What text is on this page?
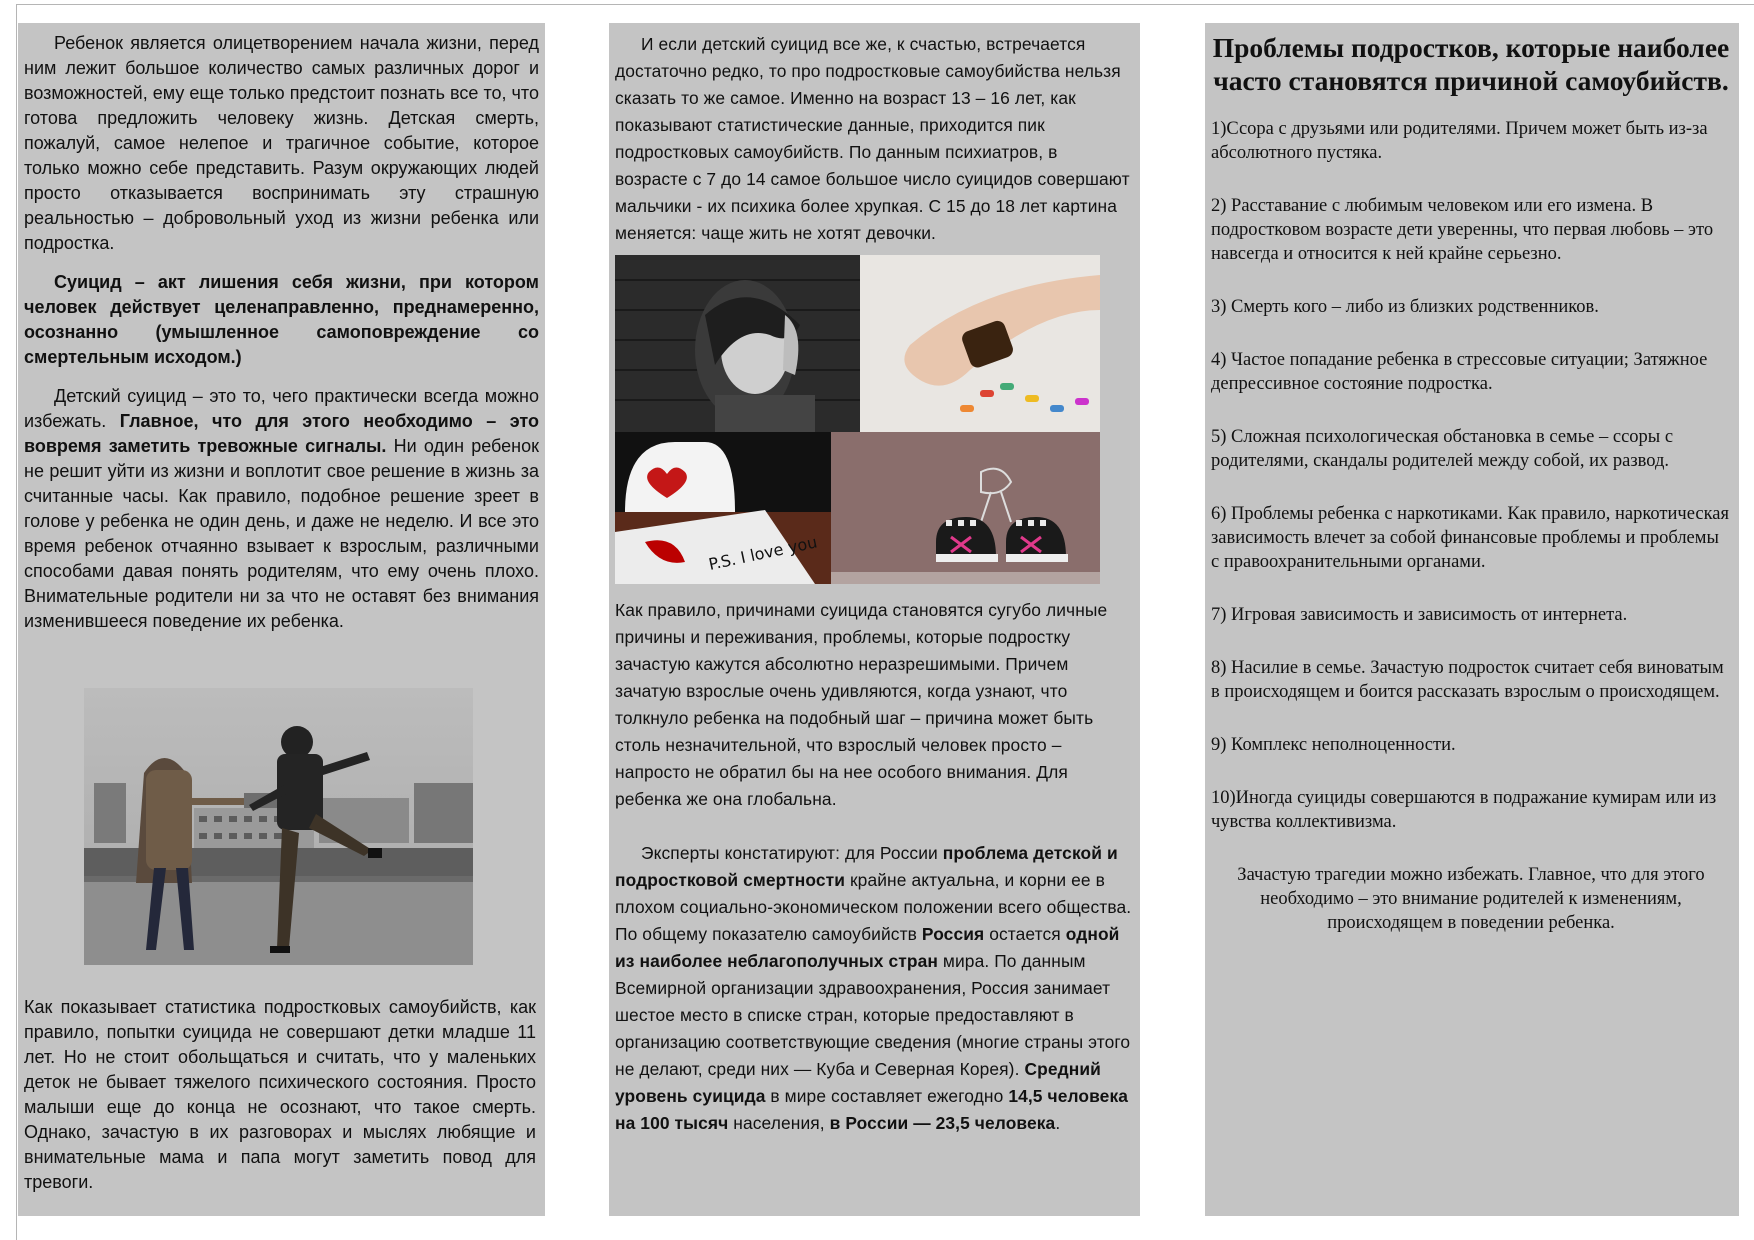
Ребенок является олицетворением начала жизни, перед ним лежит большое количество самых различных дорог и возможностей, ему еще только предстоит познать все то, что готова предложить человеку жизнь. Детская смерть, пожалуй, самое нелепое и трагичное событие, которое только можно себе представить. Разум окружающих людей просто отказывается воспринимать эту страшную реальностью – добровольный уход из жизни ребенка или подростка.

Суицид – акт лишения себя жизни, при котором человек действует целенаправленно, преднамеренно, осознанно (умышленное самоповреждение со смертельным исходом.)

Детский суицид – это то, чего практически всегда можно избежать. Главное, что для этого необходимо – это вовремя заметить тревожные сигналы. Ни один ребенок не решит уйти из жизни и воплотит свое решение в жизнь за считанные часы. Как правило, подобное решение зреет в голове у ребенка не один день, и даже не неделю. И все это время ребенок отчаянно взывает к взрослым, различными способами давая понять родителям, что ему очень плохо. Внимательные родители ни за что не оставят без внимания изменившееся поведение их ребенка.

Как показывает статистика подростковых самоубийств, как правило, попытки суицида не совершают детки младше 11 лет. Но не стоит обольщаться и считать, что у маленьких деток не бывает тяжелого психического состояния. Просто малыши еще до конца не осознают, что такое смерть. Однако, зачастую в их разговорах и мыслях любящие и внимательные мама и папа могут заметить повод для тревоги.

И если детский суицид все же, к счастью, встречается достаточно редко, то про подростковые самоубийства нельзя сказать то же самое. Именно на возраст 13 – 16 лет, как показывают статистические данные, приходится пик подростковых самоубийств. По данным психиатров, в возрасте с 7 до 14 самое большое число суицидов совершают мальчики - их психика более хрупкая. С 15 до 18 лет картина меняется: чаще жить не хотят девочки.

P.S. I love you

Как правило, причинами суицида становятся сугубо личные причины и переживания, проблемы, которые подростку зачастую кажутся абсолютно неразрешимыми. Причем зачатую взрослые очень удивляются, когда узнают, что толкнуло ребенка на подобный шаг – причина может быть столь незначительной, что взрослый человек просто – напросто не обратил бы на нее особого внимания. Для ребенка же она глобальна.

Эксперты констатируют: для России проблема детской и подростковой смертности крайне актуальна, и корни ее в плохом социально-экономическом положении всего общества. По общему показателю самоубийств Россия остается одной из наиболее неблагополучных стран мира. По данным Всемирной организации здравоохранения, Россия занимает шестое место в списке стран, которые предоставляют в организацию соответствующие сведения (многие страны этого не делают, среди них — Куба и Северная Корея). Средний уровень суицида в мире составляет ежегодно 14,5 человека на 100 тысяч населения, в России — 23,5 человека.

Проблемы подростков, которые наиболее часто становятся причиной самоубийств.
1)Ссора с друзьями или родителями. Причем может быть из-за абсолютного пустяка.
2) Расставание с любимым человеком или его измена. В подростковом возрасте дети уверенны, что первая любовь – это навсегда и относится к ней крайне серьезно.
3) Смерть кого – либо из близких родственников.
4) Частое попадание ребенка в стрессовые ситуации; Затяжное депрессивное состояние подростка.
5) Сложная психологическая обстановка в семье – ссоры с родителями, скандалы родителей между собой, их развод.
6) Проблемы ребенка с наркотиками. Как правило, наркотическая зависимость влечет за собой финансовые проблемы и проблемы с правоохранительными органами.
7) Игровая зависимость и зависимость от интернета.
8) Насилие в семье. Зачастую подросток считает себя виноватым в происходящем и боится рассказать взрослым о происходящем.
9) Комплекс неполноценности.
10)Иногда суициды совершаются в подражание кумирам или из чувства коллективизма.
Зачастую трагедии можно избежать. Главное, что для этого необходимо – это внимание родителей к изменениям, происходящем в поведении ребенка.
